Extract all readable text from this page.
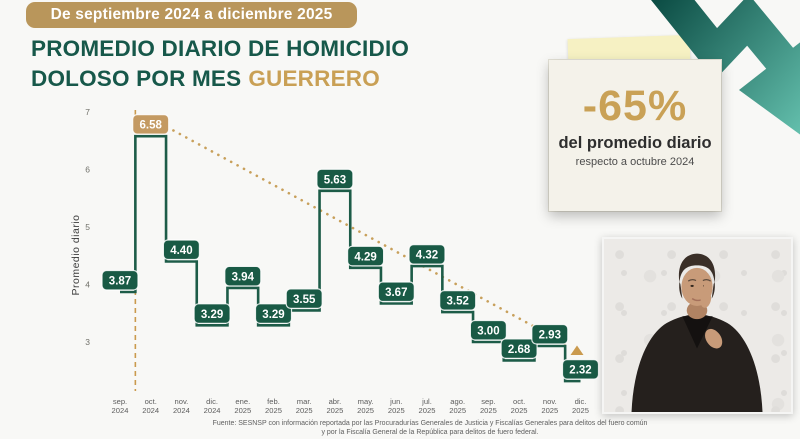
De septiembre 2024 a diciembre 2025
PROMEDIO DIARIO DE HOMICIDIO
DOLOSO POR MES GUERRERO
3.87
6.58
4.40
3.29
3.94
3.29
3.55
5.63
4.29
3.67
4.32
3.52
3.00
2.68
2.93
2.32
3
4
5
6
7
Promedio diario
sep.
2024
oct.
2024
nov.
2024
dic.
2024
ene.
2025
feb.
2025
mar.
2025
abr.
2025
may.
2025
jun.
2025
jul.
2025
ago.
2025
sep.
2025
oct.
2025
nov.
2025
dic.
2025
-65%
del promedio diario
respecto a octubre 2024
Fuente: SESNSP con información reportada por las Procuradurías Generales de Justicia y Fiscalías Generales para delitos del fuero común
y por la Fiscalía General de la República para delitos de fuero federal.
